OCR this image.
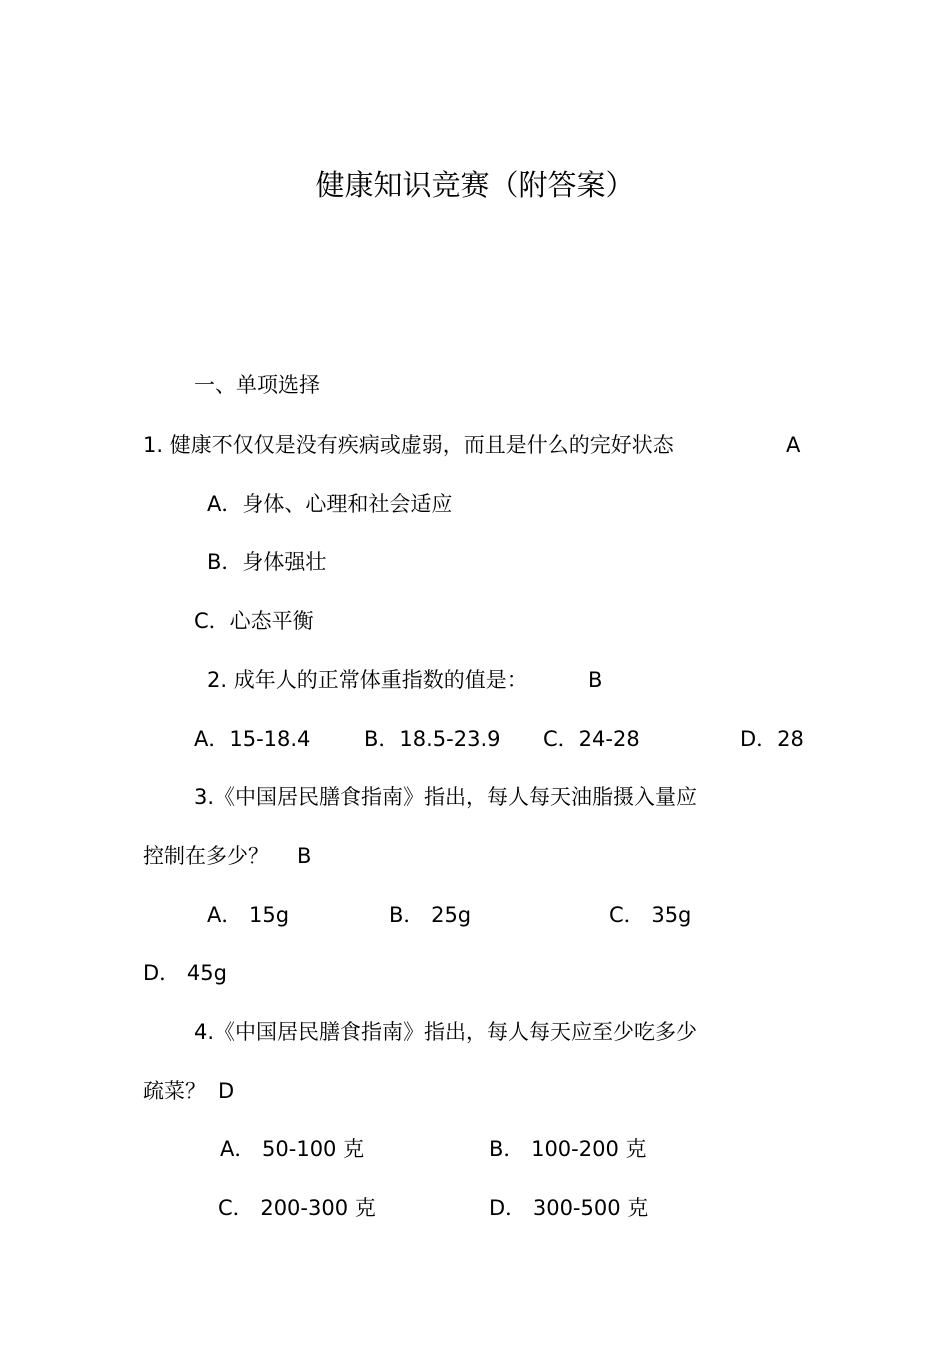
健康知识竞赛（附答案）
一、单项选择
1. 健康不仅仅是没有疾病或虚弱，而且是什么的完好状态	A
A．身体、心理和社会适应
B．身体强壮
C．心态平衡
2. 成年人的正常体重指数的值是：	B
A．15-18.4	B．18.5-23.9 C．24-28	D．28
3.《中国居民膳食指南》指出，每人每天油脂摄入量应
控制在多少？ B
A． 15g	B． 25g	C． 35g
D． 45g
4.《中国居民膳食指南》指出，每人每天应至少吃多少
疏菜？ D
A． 50-100 克	B． 100-200 克
C． 200-300 克	D． 300-500 克
